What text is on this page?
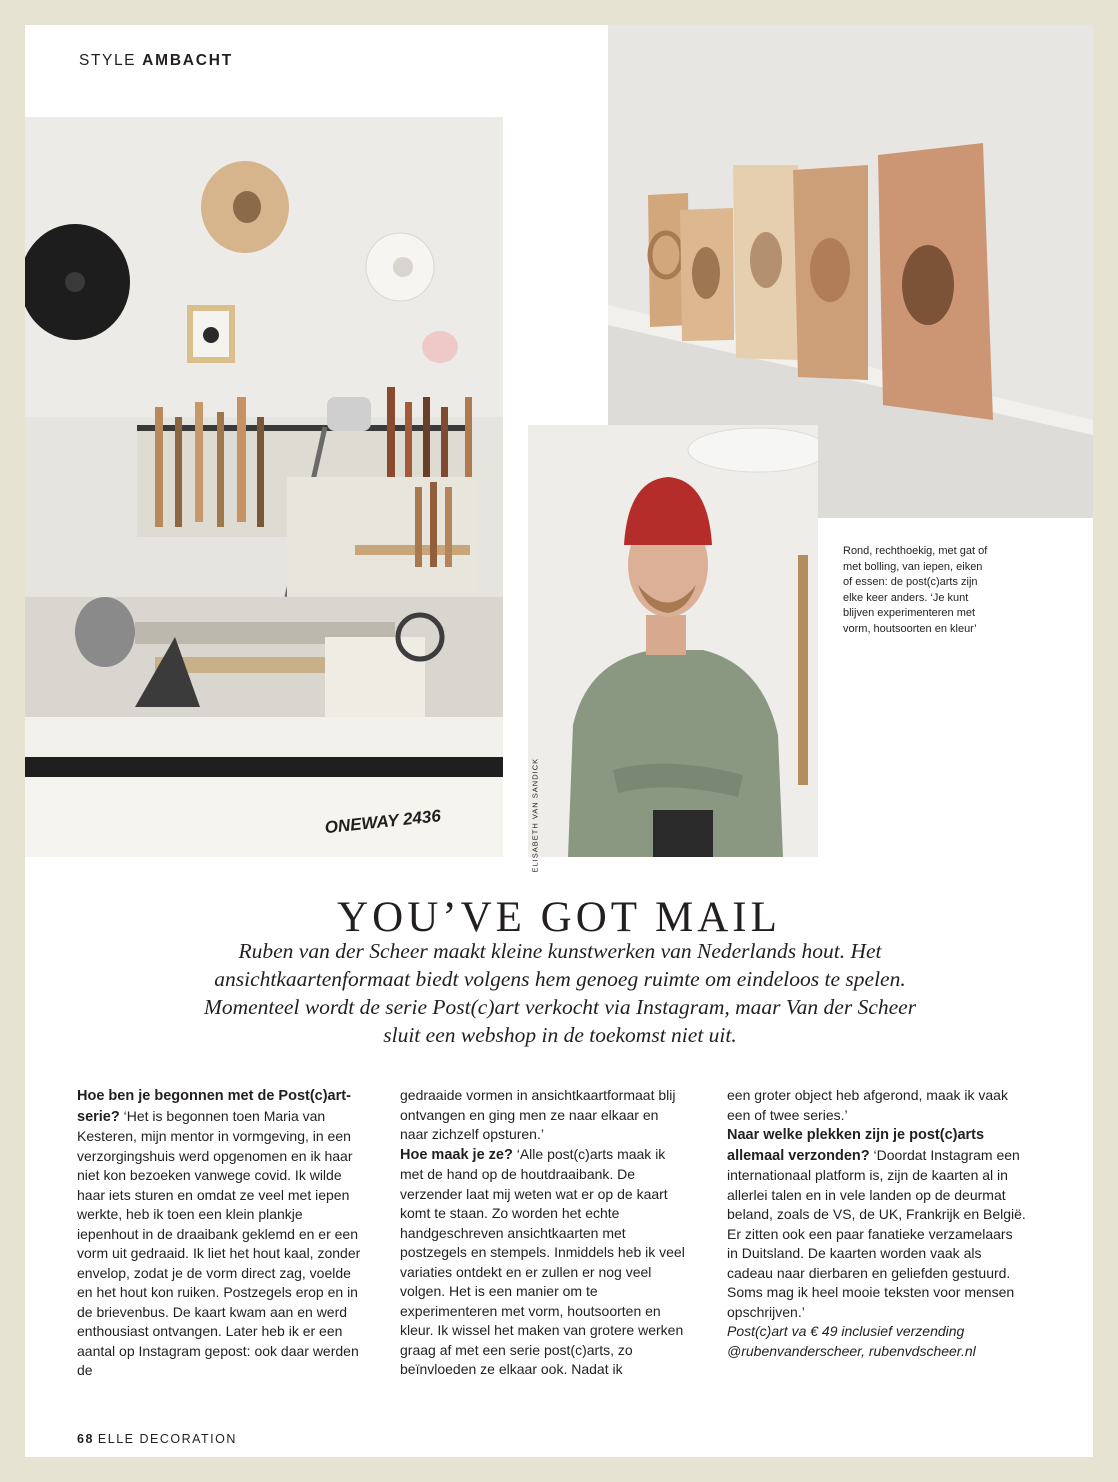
STYLE AMBACHT
ONEWAY 2436	ELISABETH VAN SANDICK
Rond, rechthoekig, met gat of met bolling, van iepen, eiken of essen: de post(c)arts zijn elke keer anders. ‘Je kunt blijven experimenteren met vorm, houtsoorten en kleur’
YOU’VE GOT MAIL
Ruben van der Scheer maakt kleine kunstwerken van Nederlands hout. Het ansichtkaartenformaat biedt volgens hem genoeg ruimte om eindeloos te spelen. Momenteel wordt de serie Post(c)art verkocht via Instagram, maar Van der Scheer sluit een webshop in de toekomst niet uit.

Hoe ben je begonnen met de Post(c)art-serie? ‘Het is begonnen toen Maria van Kesteren, mijn mentor in vormgeving, in een verzorgingshuis werd opgenomen en ik haar niet kon bezoeken vanwege covid. Ik wilde haar iets sturen en omdat ze veel met iepen werkte, heb ik toen een klein plankje iepenhout in de draaibank geklemd en er een vorm uit gedraaid. Ik liet het hout kaal, zonder envelop, zodat je de vorm direct zag, voelde en het hout kon ruiken. Postzegels erop en in de brievenbus. De kaart kwam aan en werd enthousiast ontvangen. Later heb ik er een aantal op Instagram gepost: ook daar werden de

gedraaide vormen in ansichtkaartformaat blij ontvangen en ging men ze naar elkaar en naar zichzelf opsturen.’

Hoe maak je ze? ‘Alle post(c)arts maak ik met de hand op de houtdraaibank. De verzender laat mij weten wat er op de kaart komt te staan. Zo worden het echte handgeschreven ansichtkaarten met postzegels en stempels. Inmiddels heb ik veel variaties ontdekt en er zullen er nog veel volgen. Het is een manier om te experimenteren met vorm, houtsoorten en kleur. Ik wissel het maken van grotere werken graag af met een serie post(c)arts, zo beïnvloeden ze elkaar ook. Nadat ik

een groter object heb afgerond, maak ik vaak een of twee series.’

Naar welke plekken zijn je post(c)arts allemaal verzonden? ‘Doordat Instagram een internationaal platform is, zijn de kaarten al in allerlei talen en in vele landen op de deurmat beland, zoals de VS, de UK, Frankrijk en België. Er zitten ook een paar fanatieke verzamelaars in Duitsland. De kaarten worden vaak als cadeau naar dierbaren en geliefden gestuurd. Soms mag ik heel mooie teksten voor mensen opschrijven.’

Post(c)art va € 49 inclusief verzending

@rubenvanderscheer, rubenvdscheer.nl

68 ELLE DECORATION
